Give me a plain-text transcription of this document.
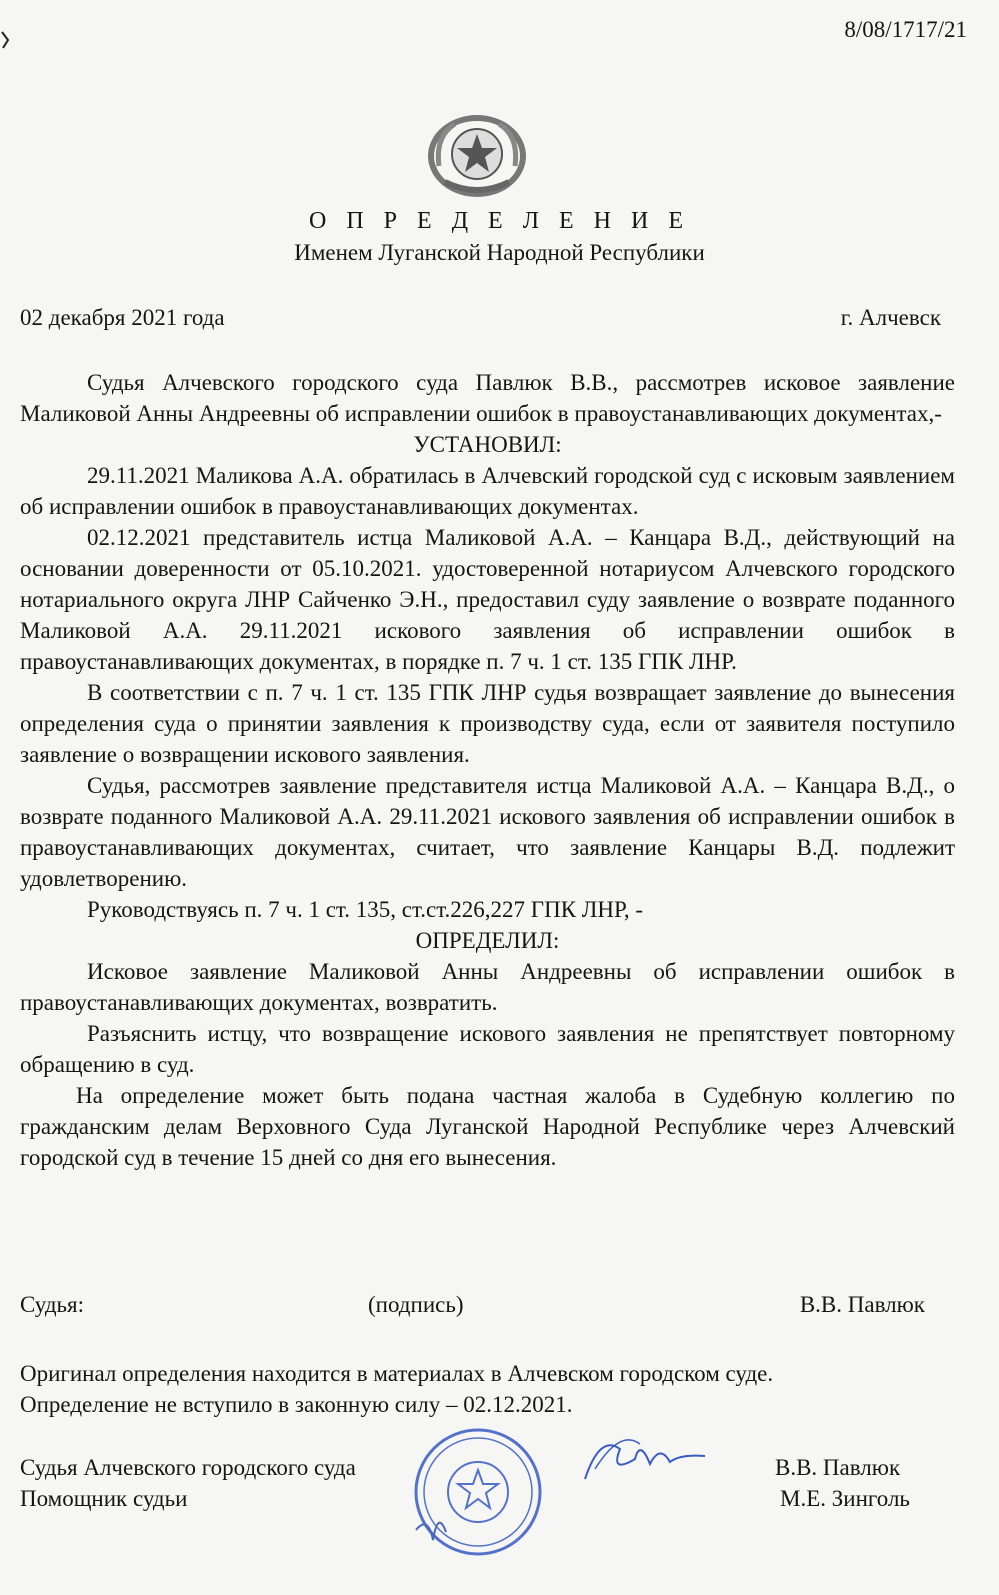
8/08/1717/21
О П Р Е Д Е Л Е Н И Е
Именем Луганской Народной Республики
02 декабря 2021 года	г. Алчевск

Судья Алчевского городского суда Павлюк В.В., рассмотрев исковое заявление Маликовой Анны Андреевны об исправлении ошибок в правоустанавливающих документах,-

УСТАНОВИЛ:

29.11.2021 Маликова А.А. обратилась в Алчевский городской суд с исковым заявлением об исправлении ошибок в правоустанавливающих документах.

02.12.2021 представитель истца Маликовой А.А. – Канцара В.Д., действующий на основании доверенности от 05.10.2021. удостоверенной нотариусом Алчевского городского нотариального округа ЛНР Сайченко Э.Н., предоставил суду заявление о возврате поданного Маликовой А.А. 29.11.2021 искового заявления об исправлении ошибок в правоустанавливающих документах, в порядке п. 7 ч. 1 ст. 135 ГПК ЛНР.

В соответствии с п. 7 ч. 1 ст. 135 ГПК ЛНР судья возвращает заявление до вынесения определения суда о принятии заявления к производству суда, если от заявителя поступило заявление о возвращении искового заявления.

Судья, рассмотрев заявление представителя истца Маликовой А.А. – Канцара В.Д., о возврате поданного Маликовой А.А. 29.11.2021 искового заявления об исправлении ошибок в правоустанавливающих документах, считает, что заявление Канцары В.Д. подлежит удовлетворению.

Руководствуясь п. 7 ч. 1 ст. 135, ст.ст.226,227 ГПК ЛНР, -

ОПРЕДЕЛИЛ:

Исковое заявление Маликовой Анны Андреевны об исправлении ошибок в правоустанавливающих документах, возвратить.

Разъяснить истцу, что возвращение искового заявления не препятствует повторному обращению в суд.

На определение может быть подана частная жалоба в Судебную коллегию по гражданским делам Верховного Суда Луганской Народной Республике через Алчевский городской суд в течение 15 дней со дня его вынесения.

Судья:	(подпись)	В.В. Павлюк
Оригинал определения находится в материалах в Алчевском городском суде.
Определение не вступило в законную силу – 02.12.2021.
Судья Алчевского городского суда	В.В. Павлюк
Помощник судьи	М.Е. Зинголь
